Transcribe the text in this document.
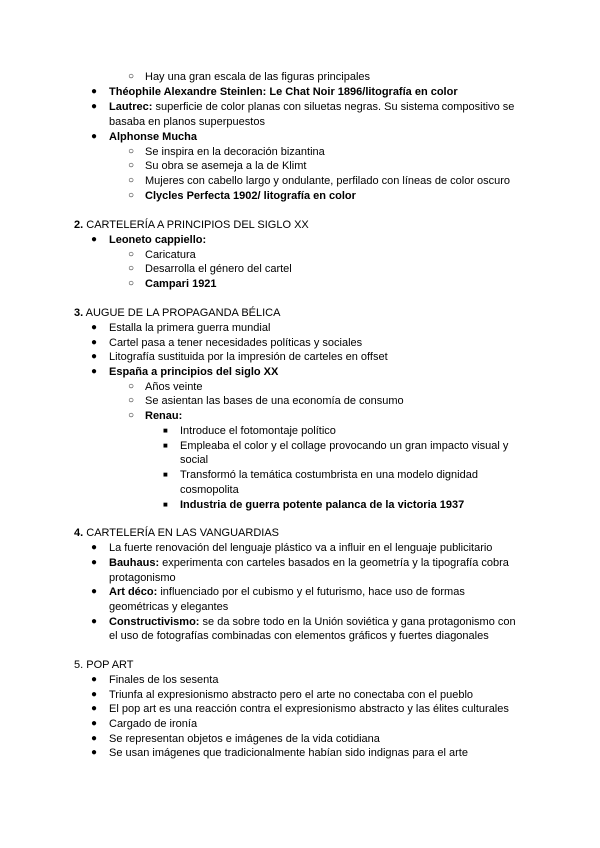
○ Hay una gran escala de las figuras principales
● Théophile Alexandre Steinlen: Le Chat Noir 1896/litografía en color
● Lautrec: superficie de color planas con siluetas negras. Su sistema compositivo se
basaba en planos superpuestos
● Alphonse Mucha
○ Se inspira en la decoración bizantina
○ Su obra se asemeja a la de Klimt
○ Mujeres con cabello largo y ondulante, perfilado con líneas de color oscuro
○ Clycles Perfecta 1902/ litografía en color
2. CARTELERÍA A PRINCIPIOS DEL SIGLO XX
● Leoneto cappiello:
○ Caricatura
○ Desarrolla el género del cartel
○ Campari 1921
3. AUGUE DE LA PROPAGANDA BÉLICA
● Estalla la primera guerra mundial
● Cartel pasa a tener necesidades políticas y sociales
● Litografía sustituida por la impresión de carteles en offset
● España a principios del siglo XX
○ Años veinte
○ Se asientan las bases de una economía de consumo
○ Renau:
■ Introduce el fotomontaje político
■ Empleaba el color y el collage provocando un gran impacto visual y
social
■ Transformó la temática costumbrista en una modelo dignidad
cosmopolita
■ Industria de guerra potente palanca de la victoria 1937
4. CARTELERÍA EN LAS VANGUARDIAS
● La fuerte renovación del lenguaje plástico va a influir en el lenguaje publicitario
● Bauhaus: experimenta con carteles basados en la geometría y la tipografía cobra
protagonismo
● Art déco: influenciado por el cubismo y el futurismo, hace uso de formas
geométricas y elegantes
● Constructivismo: se da sobre todo en la Unión soviética y gana protagonismo con
el uso de fotografías combinadas con elementos gráficos y fuertes diagonales
5. POP ART
● Finales de los sesenta
● Triunfa al expresionismo abstracto pero el arte no conectaba con el pueblo
● El pop art es una reacción contra el expresionismo abstracto y las élites culturales
● Cargado de ironía
● Se representan objetos e imágenes de la vida cotidiana
● Se usan imágenes que tradicionalmente habían sido indignas para el arte
